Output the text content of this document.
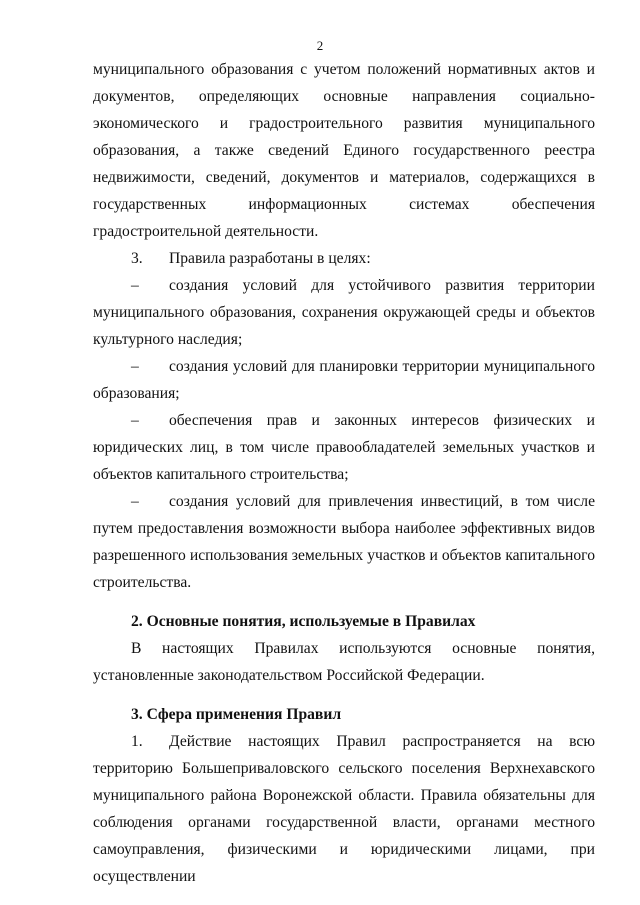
2

муниципального образования с учетом положений нормативных актов и документов, определяющих основные направления социально-экономического и градостроительного развития муниципального образования, а также сведений Единого государственного реестра недвижимости, сведений, документов и материалов, содержащихся в государственных информационных системах обеспечения градостроительной деятельности.

3. Правила разработаны в целях:

– создания условий для устойчивого развития территории муниципального образования, сохранения окружающей среды и объектов культурного наследия;

– создания условий для планировки территории муниципального образования;

– обеспечения прав и законных интересов физических и юридических лиц, в том числе правообладателей земельных участков и объектов капитального строительства;

– создания условий для привлечения инвестиций, в том числе путем предоставления возможности выбора наиболее эффективных видов разрешенного использования земельных участков и объектов капитального строительства.

2. Основные понятия, используемые в Правилах

В настоящих Правилах используются основные понятия, установленные законодательством Российской Федерации.

3. Сфера применения Правил

1. Действие настоящих Правил распространяется на всю территорию Большеприваловского сельского поселения Верхнехавского муниципального района Воронежской области. Правила обязательны для соблюдения органами государственной власти, органами местного самоуправления, физическими и юридическими лицами, при осуществлении
